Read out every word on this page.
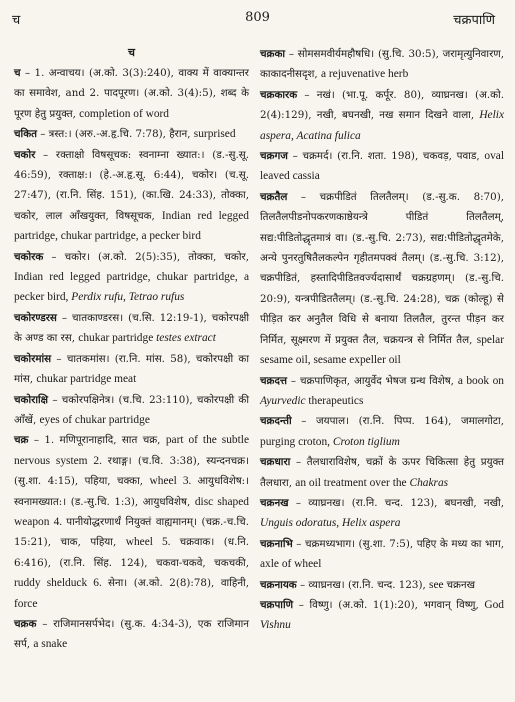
च	809	चक्रपाणि
च

च – 1. अन्वाचय। (अ.को. 3(3):240), वाक्य में वाक्यान्तर का समावेश, and 2. पादपूरण। (अ.को. 3(4):5), शब्द के पूरण हेतु प्रयुक्त, completion of word

चकित – त्रस्त:। (अरु.-अ.हृ.चि. 7:78), हैरान, surprised

चकोर – रक्ताक्षो विषसूचक: स्वनाम्ना ख्यात:। (ड.-सु.सू. 46:59), रक्ताक्ष:। (हे.-अ.हृ.सू. 6:44), चकोर। (च.सू. 27:47), (रा.नि. सिंह. 151), (का.खि. 24:33), तोक्का, चकोर, लाल आँखयुक्त, विषसूचक, Indian red legged partridge, chukar partridge, a pecker bird

चकोरक – चकोर। (अ.को. 2(5):35), तोक्का, चकोर, Indian red legged partridge, chukar partridge, a pecker bird, Perdix rufu, Tetrao rufus

चकोरण्डरस – चातकाण्डरस। (च.सि. 12:19-1), चकोरपक्षी के अण्ड का रस, chukar partridge testes extract

चकोरमांस – चातकमांस। (रा.नि. मांस. 58), चकोरपक्षी का मांस, chukar partridge meat

चकोराक्षि – चकोरपक्षिनेत्र। (च.चि. 23:110), चकोरपक्षी की आँखें, eyes of chukar partridge

चक्र – 1. मणिपूरानाहादि, सात चक्र, part of the subtle nervous system 2. रथाङ्ग। (च.वि. 3:38), स्यन्दनचक्र। (सु.शा. 4:15), पहिया, चक्का, wheel 3. आयुधविशेष:। स्वनामख्यात:। (ड.-सु.चि. 1:3), आयुधविशेष, disc shaped weapon 4. पानीयोद्धरणार्थं नियुक्तं वाह्यमानम्। (चक्र.-च.चि. 15:21), चाक, पहिया, wheel 5. चक्रवाक। (ध.नि. 6:416), (रा.नि. सिंह. 124), चकवा-चकवे, चकचकी, ruddy shelduck 6. सेना। (अ.को. 2(8):78), वाहिनी, force

चक्रक – राजिमानसर्पभेद। (सु.क. 4:34-3), एक राजिमान सर्प, a snake

चक्रका – सोमसमवीर्यमहौषधि। (सु.चि. 30:5), जरामृत्युनिवारण, काकादनीसदृश, a rejuvenative herb

चक्रकारक – नखं। (भा.पू. कर्पूर. 80), व्याघ्रनख। (अ.को. 2(4):129), नखी, बघनखी, नख समान दिखने वाला, Helix aspera, Acatina fulica

चक्रगज – चक्रमर्द। (रा.नि. शता. 198), चकवड़, पवाड, oval leaved cassia

चक्रतैल – चक्रपीडितं तिलतैलम्। (ड.-सु.क. 8:70), तिलतैलपीडनोपकरणकाष्ठेयन्त्रे पीडितं तिलतैलम्, सद्य:पीडितोद्धृतमात्रं वा। (ड.-सु.चि. 2:73), सद्य:पीडितोद्धृतमेके, अन्ये पुनरतुषितैलकल्पेन गृहीतमपक्वं तैलम्। (ड.-सु.चि. 3:12), चक्रपीडितं, हस्तादिपीडितवर्ज्यदासार्थं चक्रग्रहणम्। (ड.-सु.चि. 20:9), यन्त्रपीडिततैलम्। (ड.-सु.चि. 24:28), चक्र (कोल्हू) से पीड़ित कर अनुतैल विधि से बनाया तिलतैल, तुरन्त पीड़न कर निर्मित, सूक्ष्मरण में प्रयुक्त तैल, चक्रयन्त्र से निर्मित तैल, spelar sesame oil, sesame expeller oil

चक्रदत्त – चक्रपाणिकृत, आयुर्वेद भेषज ग्रन्थ विशेष, a book on Ayurvedic therapeutics

चक्रदन्ती – जयपाल। (रा.नि. पिप्प. 164), जमालगोटा, purging croton, Croton tiglium

चक्रधारा – तैलधाराविशेष, चक्रों के ऊपर चिकित्सा हेतु प्रयुक्त तैलधारा, an oil treatment over the Chakras

चक्रनख – व्याघ्रनख। (रा.नि. चन्द. 123), बघनखी, नखी, Unguis odoratus, Helix aspera

चक्रनाभि – चक्रमध्यभाग। (सु.शा. 7:5), पहिए के मध्य का भाग, axle of wheel

चक्रनायक – व्याघ्रनख। (रा.नि. चन्द. 123), see चक्रनख

चक्रपाणि – विष्णु। (अ.को. 1(1):20), भगवान् विष्णु, God Vishnu
